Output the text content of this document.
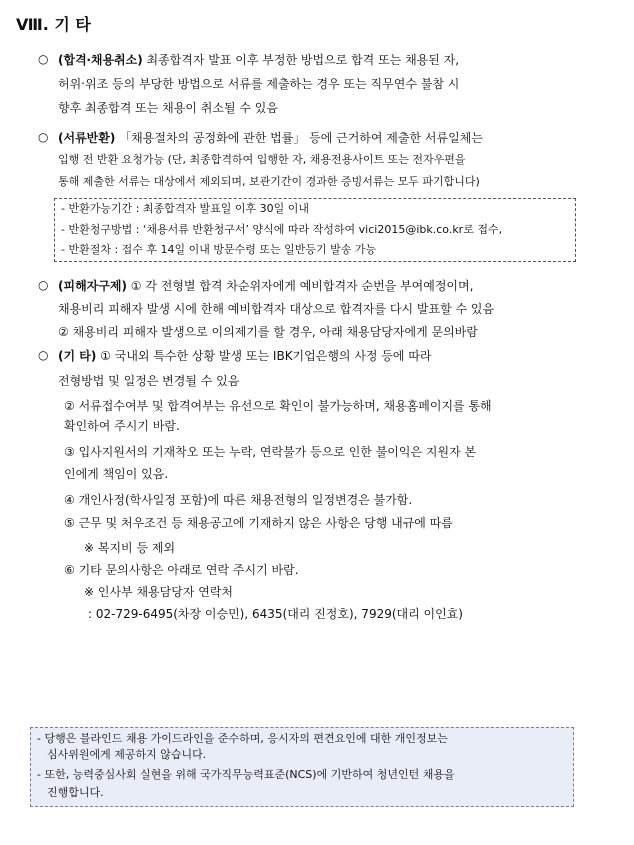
Ⅷ. 기 타
○ (합격‧채용취소) 최종합격자 발표 이후 부정한 방법으로 합격 또는 채용된 자,
허위‧위조 등의 부당한 방법으로 서류를 제출하는 경우 또는 직무연수 불참 시
향후 최종합격 또는 채용이 취소될 수 있음
○ (서류반환) 「채용절차의 공정화에 관한 법률」 등에 근거하여 제출한 서류일체는
입행 전 반환 요청가능 (단, 최종합격하여 입행한 자, 채용전용사이트 또는 전자우편을
통해 제출한 서류는 대상에서 제외되며, 보관기간이 경과한 증빙서류는 모두 파기합니다)
- 반환가능기간 : 최종합격자 발표일 이후 30일 이내
- 반환청구방법 : ‘채용서류 반환청구서’ 양식에 따라 작성하여 vici2015@ibk.co.kr로 접수,
- 반환절차 : 접수 후 14일 이내 방문수령 또는 일반등기 발송 가능
○ (피해자구제) ① 각 전형별 합격 차순위자에게 예비합격자 순번을 부여예정이며,
채용비리 피해자 발생 시에 한해 예비합격자 대상으로 합격자를 다시 발표할 수 있음
② 채용비리 피해자 발생으로 이의제기를 할 경우, 아래 채용담당자에게 문의바람
○ (기 타) ① 국내외 특수한 상황 발생 또는 IBK기업은행의 사정 등에 따라
전형방법 및 일정은 변경될 수 있음
② 서류접수여부 및 합격여부는 유선으로 확인이 불가능하며, 채용홈페이지를 통해
확인하여 주시기 바람.
③ 입사지원서의 기재착오 또는 누락, 연락불가 등으로 인한 불이익은 지원자 본
인에게 책임이 있음.
④ 개인사정(학사일정 포함)에 따른 채용전형의 일정변경은 불가함.
⑤ 근무 및 처우조건 등 채용공고에 기재하지 않은 사항은 당행 내규에 따름
※ 복지비 등 제외
⑥ 기타 문의사항은 아래로 연락 주시기 바람.
※ 인사부 채용담당자 연락처
: 02-729-6495(차장 이승민), 6435(대리 진정호), 7929(대리 이인효)
- 당행은 블라인드 채용 가이드라인을 준수하며, 응시자의 편견요인에 대한 개인정보는
심사위원에게 제공하지 않습니다.
- 또한, 능력중심사회 실현을 위해 국가직무능력표준(NCS)에 기반하여 청년인턴 채용을
진행합니다.
